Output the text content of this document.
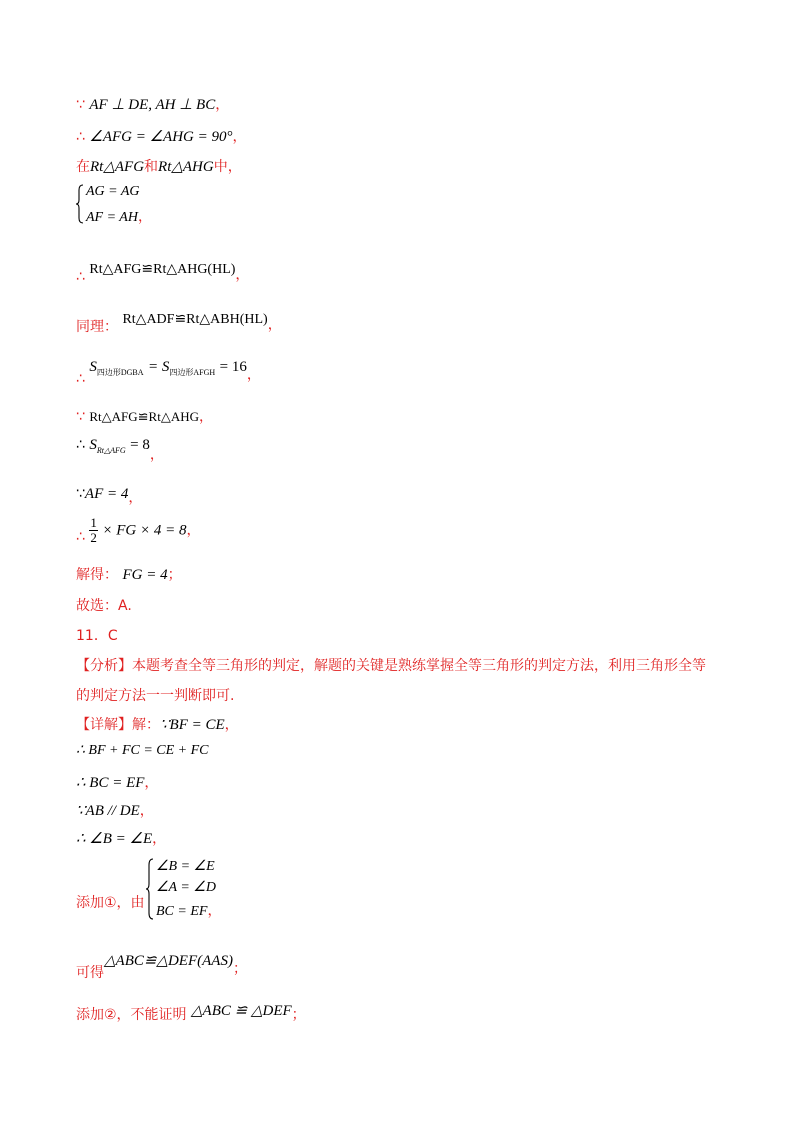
∵ AF ⊥ DE, AH ⊥ BC，
∴ ∠AFG = ∠AHG = 90°，
在Rt△AFG和Rt△AHG中，
AG = AG
AF = AH，
∴ Rt△AFG≌Rt△AHG(HL)，
同理： Rt△ADF≌Rt△ABH(HL)，
∴ $S_{四边形DGBA} = S_{四边形AFGH} = 16$，
∵ Rt△AFG≌Rt△AHG，
∴ $S_{Rt\triangle AFG} = 8$，
∵AF = 4，
∴ $\frac{1}{2}$ × FG × 4 = 8，
解得： FG = 4；
故选：A.
11．C
【分析】本题考查全等三角形的判定，解题的关键是熟练掌握全等三角形的判定方法，利用三角形全等
的判定方法一一判断即可.
【详解】解：∵BF = CE，
∴ BF + FC = CE + FC
∴ BC = EF，
∵AB // DE，
∴ ∠B = ∠E，
添加①，由
∠B = ∠E
∠A = ∠D
BC = EF，
可得△ABC≌△DEF(AAS)；
添加②，不能证明 △ABC ≌ △DEF；
